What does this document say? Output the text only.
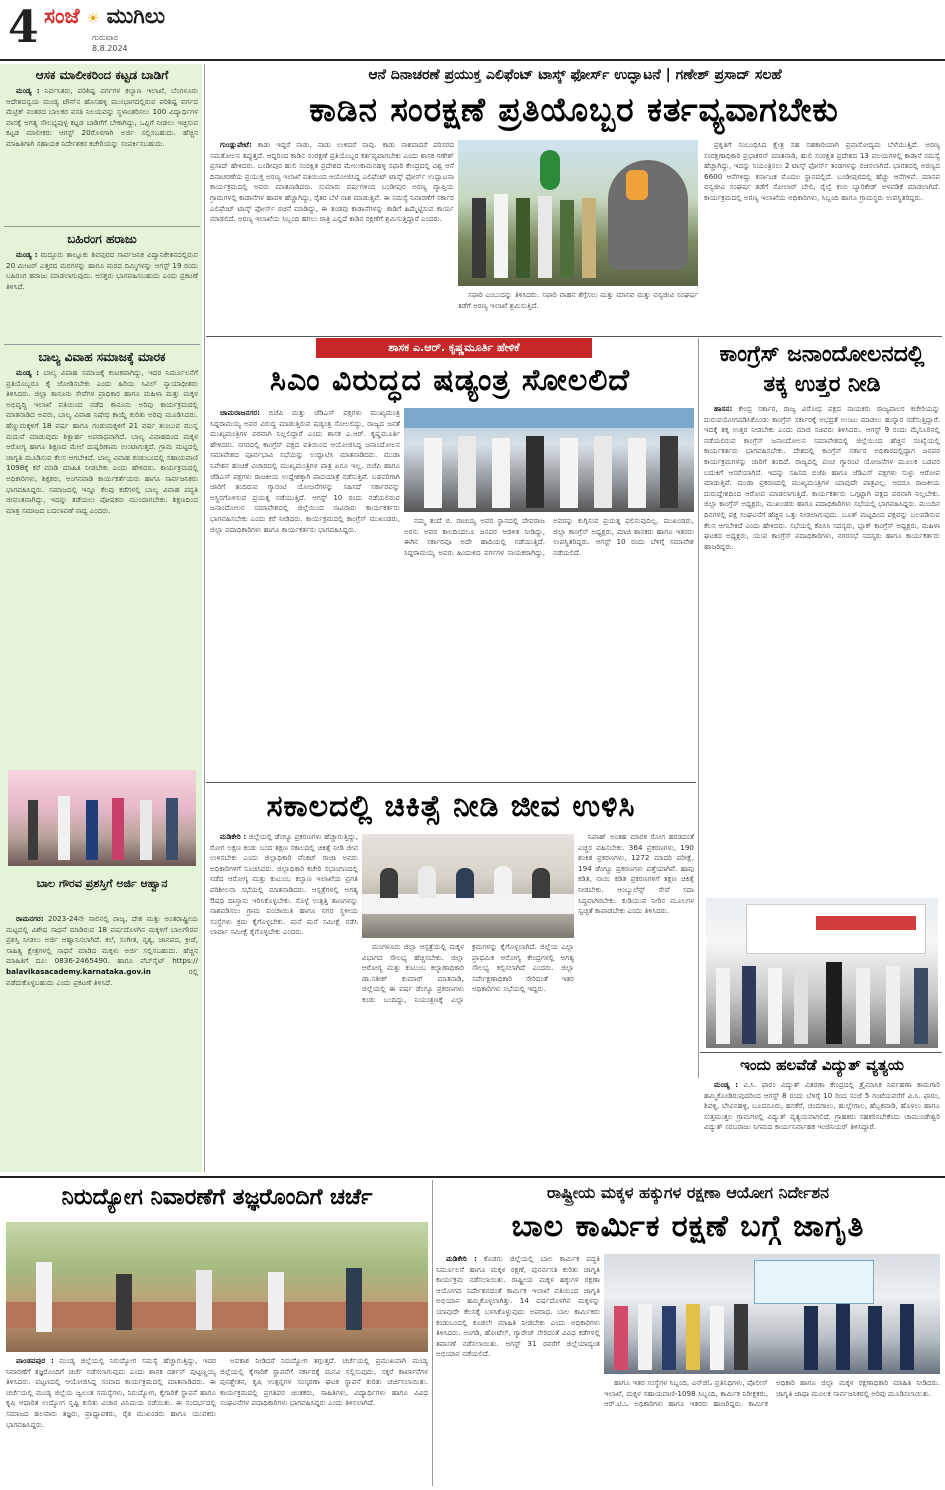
4 ಸಂಜೆ ☀ ಮುಗಿಲು
ಗುರುವಾರ
8.8.2024
ಆಸಕ ಮಾಲೀಕರಿಂದ ಕಟ್ಟಡ ಬಾಡಿಗೆ

ಮಂಡ್ಯ : ನಿರ್ವಸಿತರು, ಪರಿಶಿಷ್ಟ ವರ್ಗಗಳ ಕಲ್ಯಾಣ ಇಲಾಖೆ, ಬೆಂಗಳೂರು ಆದೇಶದನ್ವಯ ಮಂಡ್ಯ ಟೌನ್‌ನ ಹೊಸಹಳ್ಳಿ ಮುಂಭಾಗದಲ್ಲಿರುವ ಪರಿಶಿಷ್ಟ ವರ್ಗದ ಮೆಟ್ರಿಕ್ ನಂತರದ ಬಾಲಕರ ವಸತಿ ನಿಲಯವನ್ನು ಸ್ಥಳಾಂತರಿಸಲು 100 ವಿದ್ಯಾರ್ಥಿಗಳ ವಾಸಕ್ಕೆ ಅಗತ್ಯ ಸೌಲಭ್ಯವುಳ್ಳ ಕಟ್ಟಡ ಬಾಡಿಗೆಗೆ ಬೇಕಾಗಿದ್ದು, ಒಪ್ಪಿಗೆ ನೀಡಲು ಇಚ್ಛಿಸುವ ಕಟ್ಟಡ ಮಾಲೀಕರು ಆಗಸ್ಟ್ 20ರೊಳಗಾಗಿ ಅರ್ಜಿ ಸಲ್ಲಿಸಬಹುದು. ಹೆಚ್ಚಿನ ಮಾಹಿತಿಗಾಗಿ ಸಹಾಯಕ ನಿರ್ದೇಶಕರ ಕಚೇರಿಯನ್ನು ಸಂಪರ್ಕಿಸಬಹುದು.

ಬಹಿರಂಗ ಹರಾಜು

ಮಂಡ್ಯ : ಮದ್ದೂರು ತಾಲ್ಲೂಕು ಶಿವಪುರದ ಸಾರ್ವಜನಿಕ ವಿದ್ಯಾನಿಕೇತನದಲ್ಲಿರುವ 20 ಮೀಟರ್ ಎತ್ತರದ ಮರಗಳನ್ನು ಹಾಗೂ ಮರದ ದಿಮ್ಮಿಗಳನ್ನು ಆಗಸ್ಟ್ 19 ರಂದು ಬಹಿರಂಗ ಹರಾಜು ಮಾಡಲಾಗುವುದು. ಆಸಕ್ತರು ಭಾಗವಹಿಸಬಹುದು ಎಂದು ಪ್ರಕಟಣೆ ತಿಳಿಸಿದೆ.

ಬಾಲ್ಯ ವಿವಾಹ ಸಮಾಜಕ್ಕೆ ಮಾರಕ

ಮಂಡ್ಯ : ಬಾಲ್ಯ ವಿವಾಹ ಸಮಾಜಕ್ಕೆ ಕಂಟಕವಾಗಿದ್ದು, ಇದರ ನಿರ್ಮೂಲನೆಗೆ ಪ್ರತಿಯೊಬ್ಬರೂ ಕೈ ಜೋಡಿಸಬೇಕು ಎಂದು ಹಿರಿಯ ಸಿವಿಲ್ ನ್ಯಾಯಾಧೀಶರು ತಿಳಿಸಿದರು. ಜಿಲ್ಲಾ ಕಾನೂನು ಸೇವೆಗಳ ಪ್ರಾಧಿಕಾರ ಹಾಗೂ ಮಹಿಳಾ ಮತ್ತು ಮಕ್ಕಳ ಅಭಿವೃದ್ಧಿ ಇಲಾಖೆ ವತಿಯಿಂದ ನಡೆದ ಕಾನೂನು ಅರಿವು ಕಾರ್ಯಕ್ರಮದಲ್ಲಿ ಮಾತನಾಡಿದ ಅವರು, ಬಾಲ್ಯ ವಿವಾಹ ನಿಷೇಧ ಕಾಯ್ದೆ ಕುರಿತು ಅರಿವು ಮೂಡಿಸಿದರು. ಹೆಣ್ಣುಮಕ್ಕಳಿಗೆ 18 ವರ್ಷ ಹಾಗೂ ಗಂಡುಮಕ್ಕಳಿಗೆ 21 ವರ್ಷ ತುಂಬುವ ಮುನ್ನ ಮದುವೆ ಮಾಡುವುದು ಶಿಕ್ಷಾರ್ಹ ಅಪರಾಧವಾಗಿದೆ. ಬಾಲ್ಯ ವಿವಾಹದಿಂದ ಮಕ್ಕಳ ಆರೋಗ್ಯ ಹಾಗೂ ಶಿಕ್ಷಣದ ಮೇಲೆ ದುಷ್ಪರಿಣಾಮ ಉಂಟಾಗುತ್ತದೆ. ಗ್ರಾಮ ಮಟ್ಟದಲ್ಲಿ ಜಾಗೃತಿ ಮೂಡಿಸುವ ಕೆಲಸ ಆಗಬೇಕಿದೆ. ಬಾಲ್ಯ ವಿವಾಹ ಕಂಡುಬಂದಲ್ಲಿ ಸಹಾಯವಾಣಿ 1098ಕ್ಕೆ ಕರೆ ಮಾಡಿ ಮಾಹಿತಿ ನೀಡಬೇಕು ಎಂದು ಹೇಳಿದರು. ಕಾರ್ಯಕ್ರಮದಲ್ಲಿ ಅಧಿಕಾರಿಗಳು, ಶಿಕ್ಷಕರು, ಅಂಗನವಾಡಿ ಕಾರ್ಯಕರ್ತೆಯರು ಹಾಗೂ ಸಾರ್ವಜನಿಕರು ಭಾಗವಹಿಸಿದ್ದರು. ಸಮಾಜದಲ್ಲಿ ಇನ್ನೂ ಕೆಲವು ಕಡೆಗಳಲ್ಲಿ ಬಾಲ್ಯ ವಿವಾಹ ಪದ್ಧತಿ ಜೀವಂತವಾಗಿದ್ದು, ಇದನ್ನು ತಡೆಯಲು ಪೋಷಕರು ಮುಂದಾಗಬೇಕು. ಶಿಕ್ಷಣದಿಂದ ಮಾತ್ರ ಸಮಾಜದ ಬದಲಾವಣೆ ಸಾಧ್ಯ ಎಂದರು.

ಬಾಲ ಗೌರವ ಪ್ರಶಸ್ತಿಗೆ ಅರ್ಜಿ ಆಹ್ವಾನ

ರಾಮನಗರ: 2023-24ನೇ ಸಾಲಿನಲ್ಲಿ ರಾಜ್ಯ, ದೇಶ ಮತ್ತು ಅಂತರಾಷ್ಟ್ರೀಯ ಮಟ್ಟದಲ್ಲಿ ವಿಶೇಷ ಸಾಧನೆ ಮಾಡಿರುವ 18 ವರ್ಷದೊಳಗಿನ ಮಕ್ಕಳಿಗೆ ಬಾಲಗೌರವ ಪ್ರಶಸ್ತಿ ನೀಡಲು ಅರ್ಜಿ ಆಹ್ವಾನಿಸಲಾಗಿದೆ. ಕಲೆ, ಸಂಗೀತ, ನೃತ್ಯ, ಜಾನಪದ, ಕ್ರೀಡೆ, ಸಾಹಿತ್ಯ ಕ್ಷೇತ್ರಗಳಲ್ಲಿ ಸಾಧನೆ ಮಾಡಿದ ಮಕ್ಕಳು ಅರ್ಜಿ ಸಲ್ಲಿಸಬಹುದು. ಹೆಚ್ಚಿನ ಮಾಹಿತಿಗೆ ದೂ: 0836-2465490. ಹಾಗೂ ವೆಬ್‌ಸೈಟ್ https:// balavikasacademy.karnataka.gov.in	ರಲ್ಲಿ ಪಡೆದುಕೊಳ್ಳಬಹುದು ಎಂದು ಪ್ರಕಟಣೆ ತಿಳಿಸಿದೆ.

ಆನೆ ದಿನಾಚರಣೆ ಪ್ರಯುಕ್ತ ಎಲಿಫೆಂಟ್ ಟಾಸ್ಕ್ ಫೋರ್ಸ್ ಉದ್ಘಾಟನೆ | ಗಣೇಶ್ ಪ್ರಸಾದ್ ಸಲಹೆ
ಕಾಡಿನ ಸಂರಕ್ಷಣೆ ಪ್ರತಿಯೊಬ್ಬರ ಕರ್ತವ್ಯವಾಗಬೇಕು

ಗುಂಡ್ಲುಪೇಟೆ: ಕಾಡು ಇದ್ದರೆ ನಾಡು, ನಾಡು ಉಳಿದರೆ ನಾವು. ಕಾಡು ನಾಶವಾದರೆ ಪರಿಸರದ ಸಮತೋಲನ ತಪ್ಪುತ್ತದೆ. ಆದ್ದರಿಂದ ಕಾಡಿನ ಸಂರಕ್ಷಣೆ ಪ್ರತಿಯೊಬ್ಬರ ಕರ್ತವ್ಯವಾಗಬೇಕು ಎಂದು ಶಾಸಕ ಗಣೇಶ್ ಪ್ರಸಾದ್ ಹೇಳಿದರು. ಬಂಡೀಪುರ ಹುಲಿ ಸಂರಕ್ಷಿತ ಪ್ರದೇಶದ ಮೇಲುಕಾಮನಹಳ್ಳಿ ಸಫಾರಿ ಕೇಂದ್ರದಲ್ಲಿ ವಿಶ್ವ ಆನೆ ದಿನಾಚರಣೆಯ ಪ್ರಯುಕ್ತ ಅರಣ್ಯ ಇಲಾಖೆ ವತಿಯಿಂದ ಆಯೋಜಿಸಿದ್ದ ಎಲಿಫೆಂಟ್ ಟಾಸ್ಕ್ ಫೋರ್ಸ್ ಉದ್ಘಾಟನಾ ಕಾರ್ಯಕ್ರಮದಲ್ಲಿ ಅವರು ಮಾತನಾಡಿದರು. ಸುಮಾರು ವರ್ಷಗಳಿಂದ ಬಂಡೀಪುರ ಅರಣ್ಯ ವ್ಯಾಪ್ತಿಯ ಗ್ರಾಮಗಳಲ್ಲಿ ಕಾಡಾನೆಗಳ ಹಾವಳಿ ಹೆಚ್ಚಾಗಿದ್ದು, ರೈತರ ಬೆಳೆ ನಾಶ ಮಾಡುತ್ತಿವೆ. ಈ ಸಮಸ್ಯೆ ನಿವಾರಣೆಗೆ ಸರ್ಕಾರ ಎಲಿಫೆಂಟ್ ಟಾಸ್ಕ್ ಫೋರ್ಸ್ ರಚನೆ ಮಾಡಿದ್ದು, ಈ ತಂಡವು ಕಾಡಾನೆಗಳನ್ನು ಕಾಡಿಗೆ ಹಿಮ್ಮೆಟ್ಟಿಸುವ ಕಾರ್ಯ ಮಾಡಲಿದೆ. ಅರಣ್ಯ ಇಲಾಖೆಯ ಸಿಬ್ಬಂದಿ ಹಗಲು ರಾತ್ರಿ ಎನ್ನದೆ ಕಾಡಿನ ರಕ್ಷಣೆಗೆ ಶ್ರಮಿಸುತ್ತಿದ್ದಾರೆ ಎಂದರು.

ಸಫಾರಿ ಎಂಬುದನ್ನು ತಿಳಿಸಿದರು. ಸಫಾರಿ ವಾಹನ ತೆಗ್ಗೆಸಲು ಮತ್ತು ಮಾನವ ಮತ್ತು ವನ್ಯಜೀವಿ ಸಂಘರ್ಷ ತಡೆಗೆ ಅರಣ್ಯ ಇಲಾಖೆ ಶ್ರಮಿಸುತ್ತಿದೆ.

ಪ್ರಕೃತಿಗೆ ಸಂಬಂಧಿಸಿದ ಕ್ಷೇತ್ರ ಸಹ ಸಹಕಾರಿಯಾಗಿ ಪ್ರವಾಸೋದ್ಯಮ ಬೆಳೆಯುತ್ತಿದೆ. ಅರಣ್ಯ ಸಂರಕ್ಷಣಾಧಿಕಾರಿ ಪ್ರಭಾಕರನ್ ಮಾತನಾಡಿ, ಹುಲಿ ಸಂರಕ್ಷಿತ ಪ್ರದೇಶದ 13 ವಲಯಗಳಲ್ಲಿ ಕಾಡಾನೆ ಸಮಸ್ಯೆ ಹೆಚ್ಚಾಗಿದ್ದು, ಇದನ್ನು ನಿಯಂತ್ರಿಸಲು 2 ಟಾಸ್ಕ್ ಫೋರ್ಸ್ ತಂಡಗಳನ್ನು ರಚಿಸಲಾಗಿದೆ. ಭಾರತದಲ್ಲಿ ಅರಣ್ಯದ 6600 ಆನೆಗಳಿದ್ದು ಕರ್ನಾಟಕ ಮೊದಲ ಸ್ಥಾನದಲ್ಲಿದೆ. ಬಂಡೀಪುರದಲ್ಲಿ ಹೆಚ್ಚು ಆನೆಗಳಿವೆ. ಮಾನವ ವನ್ಯಜೀವಿ ಸಂಘರ್ಷ ತಡೆಗೆ ಸೋಲಾರ್ ಬೇಲಿ, ರೈಲ್ವೆ ಕಂಬಿ ಬ್ಯಾರಿಕೇಡ್ ಅಳವಡಿಕೆ ಮಾಡಲಾಗಿದೆ. ಕಾರ್ಯಕ್ರಮದಲ್ಲಿ ಅರಣ್ಯ ಇಲಾಖೆಯ ಅಧಿಕಾರಿಗಳು, ಸಿಬ್ಬಂದಿ ಹಾಗೂ ಗ್ರಾಮಸ್ಥರು ಉಪಸ್ಥಿತರಿದ್ದರು.

ಶಾಸಕ ಎ.ಆರ್. ಕೃಷ್ಣಮೂರ್ತಿ ಹೇಳಿಕೆ
ಸಿಎಂ ವಿರುದ್ಧದ ಷಡ್ಯಂತ್ರ ಸೋಲಲಿದೆ

ಚಾಮರಾಜನಗರ: ಬಿಜೆಪಿ ಮತ್ತು ಜೆಡಿಎಸ್ ಪಕ್ಷಗಳು ಮುಖ್ಯಮಂತ್ರಿ ಸಿದ್ದರಾಮಯ್ಯ ಅವರ ವಿರುದ್ಧ ಮಾಡುತ್ತಿರುವ ಷಡ್ಯಂತ್ರ ಸೋಲಲಿದ್ದು, ರಾಜ್ಯದ ಜನತೆ ಮುಖ್ಯಮಂತ್ರಿಗಳ ಪರವಾಗಿ ನಿಲ್ಲಲಿದ್ದಾರೆ ಎಂದು ಶಾಸಕ ಎ.ಆರ್. ಕೃಷ್ಣಮೂರ್ತಿ ಹೇಳಿದರು. ನಗರದಲ್ಲಿ ಕಾಂಗ್ರೆಸ್ ಪಕ್ಷದ ವತಿಯಿಂದ ಆಯೋಜಿಸಿದ್ದ ಜನಾಂದೋಲನ ಸಮಾವೇಶದ ಪೂರ್ವಭಾವಿ ಸಭೆಯನ್ನು ಉದ್ಘಾಟಿಸಿ ಮಾತನಾಡಿದರು. ಮುಡಾ ನಿವೇಶನ ಹಂಚಿಕೆ ವಿಚಾರದಲ್ಲಿ ಮುಖ್ಯಮಂತ್ರಿಗಳ ಪಾತ್ರ ಏನೂ ಇಲ್ಲ. ಬಿಜೆಪಿ ಹಾಗೂ ಜೆಡಿಎಸ್ ಪಕ್ಷಗಳು ರಾಜಕೀಯ ಉದ್ದೇಶಕ್ಕಾಗಿ ಪಾದಯಾತ್ರೆ ನಡೆಸುತ್ತಿವೆ. ಬಡವರಿಗಾಗಿ ಜಾರಿಗೆ ತಂದಿರುವ ಗ್ಯಾರಂಟಿ ಯೋಜನೆಗಳನ್ನು ಸಹಿಸದೆ ಸರ್ಕಾರವನ್ನು ಅಸ್ಥಿರಗೊಳಿಸುವ ಪ್ರಯತ್ನ ನಡೆಯುತ್ತಿದೆ. ಆಗಸ್ಟ್ 10 ರಂದು ನಡೆಯಲಿರುವ ಜನಾಂದೋಲನ ಸಮಾವೇಶದಲ್ಲಿ ಜಿಲ್ಲೆಯಿಂದ ಸಾವಿರಾರು ಕಾರ್ಯಕರ್ತರು ಭಾಗವಹಿಸಬೇಕು ಎಂದು ಕರೆ ನೀಡಿದರು. ಕಾರ್ಯಕ್ರಮದಲ್ಲಿ ಕಾಂಗ್ರೆಸ್ ಮುಖಂಡರು, ಜಿಲ್ಲಾ ಪದಾಧಿಕಾರಿಗಳು ಹಾಗೂ ಕಾರ್ಯಕರ್ತರು ಭಾಗವಹಿಸಿದ್ದರು.

ನಮ್ಮ ತಂದೆ ಬಿ. ರಾಚಯ್ಯ ಅವರ ಸ್ಥಾನದಲ್ಲಿ ದೇವರಾಜ ಅರಸು ಅವರ ಕಾಲದಿಂದಲೂ ಜನಪರ ಆಡಳಿತ ನೀಡಿದ್ದು, ಈಗಿನ ಸರ್ಕಾರವೂ ಅದೇ ಹಾದಿಯಲ್ಲಿ ನಡೆಯುತ್ತಿದೆ. ಸಿದ್ದರಾಮಯ್ಯ ಅವರು ಹಿಂದುಳಿದ ವರ್ಗಗಳ ನಾಯಕರಾಗಿದ್ದು, ಅವರನ್ನು ಕುಗ್ಗಿಸುವ ಪ್ರಯತ್ನ ಫಲಿಸುವುದಿಲ್ಲ. ಮುಖಂಡರು, ಜಿಲ್ಲಾ ಕಾಂಗ್ರೆಸ್ ಅಧ್ಯಕ್ಷರು, ಮಾಜಿ ಶಾಸಕರು ಹಾಗೂ ಇತರರು ಉಪಸ್ಥಿತರಿದ್ದರು. ಆಗಸ್ಟ್ 10 ರಂದು ಬೆಳಿಗ್ಗೆ ಸಮಾವೇಶ ನಡೆಯಲಿದೆ.

ಕಾಂಗ್ರೆಸ್ ಜನಾಂದೋಲನದಲ್ಲಿ ತಕ್ಕ ಉತ್ತರ ನೀಡಿ

ಹಾಸನ: ಕೇಂದ್ರ ಸರ್ಕಾರ, ರಾಜ್ಯ ವಿರೋಧ ಪಕ್ಷದ ನಾಯಕರು ರಾಜ್ಯಪಾಲರ ಕಚೇರಿಯನ್ನು ದುರುಪಯೋಗಪಡಿಸಿಕೊಂಡು ಕಾಂಗ್ರೆಸ್ ಸರ್ಕಾರಕ್ಕೆ ಅಭದ್ರತೆ ಉಂಟು ಮಾಡಲು ಹುನ್ನಾರ ನಡೆಸುತ್ತಿದ್ದಾರೆ. ಇದಕ್ಕೆ ತಕ್ಕ ಉತ್ತರ ನೀಡಬೇಕು ಎಂದು ಮಾಜಿ ಸಚಿವರು ತಿಳಿಸಿದರು. ಆಗಸ್ಟ್ 9 ರಂದು ಮೈಸೂರಿನಲ್ಲಿ ನಡೆಯಲಿರುವ ಕಾಂಗ್ರೆಸ್ ಜನಾಂದೋಲನ ಸಮಾವೇಶದಲ್ಲಿ ಜಿಲ್ಲೆಯಿಂದ ಹೆಚ್ಚಿನ ಸಂಖ್ಯೆಯಲ್ಲಿ ಕಾರ್ಯಕರ್ತರು ಭಾಗವಹಿಸಬೇಕು. ದೇಶದಲ್ಲಿ ಕಾಂಗ್ರೆಸ್ ಸರ್ಕಾರ ಅಧಿಕಾರದಲ್ಲಿದ್ದಾಗ ಜನಪರ ಕಾರ್ಯಕ್ರಮಗಳನ್ನು ಜಾರಿಗೆ ತಂದಿದೆ. ರಾಜ್ಯದಲ್ಲಿ ಪಂಚ ಗ್ಯಾರಂಟಿ ಯೋಜನೆಗಳ ಮೂಲಕ ಬಡವರ ಬದುಕಿಗೆ ಆಸರೆಯಾಗಿದೆ. ಇದನ್ನು ಸಹಿಸದ ಬಿಜೆಪಿ ಹಾಗೂ ಜೆಡಿಎಸ್ ಪಕ್ಷಗಳು ಸುಳ್ಳು ಆರೋಪ ಮಾಡುತ್ತಿವೆ. ಮುಡಾ ಪ್ರಕರಣದಲ್ಲಿ ಮುಖ್ಯಮಂತ್ರಿಗಳ ಯಾವುದೇ ಪಾತ್ರವಿಲ್ಲ. ಆದರೂ ರಾಜಕೀಯ ದುರುದ್ದೇಶದಿಂದ ಆರೋಪ ಮಾಡಲಾಗುತ್ತಿದೆ. ಕಾರ್ಯಕರ್ತರು ಒಗ್ಗಟ್ಟಾಗಿ ಪಕ್ಷದ ಪರವಾಗಿ ನಿಲ್ಲಬೇಕು. ಜಿಲ್ಲಾ ಕಾಂಗ್ರೆಸ್ ಅಧ್ಯಕ್ಷರು, ಮುಖಂಡರು ಹಾಗೂ ಪದಾಧಿಕಾರಿಗಳು ಸಭೆಯಲ್ಲಿ ಭಾಗವಹಿಸಿದ್ದರು. ಮುಂದಿನ ದಿನಗಳಲ್ಲಿ ಪಕ್ಷ ಸಂಘಟನೆಗೆ ಹೆಚ್ಚಿನ ಒತ್ತು ನೀಡಲಾಗುವುದು. ಬೂತ್ ಮಟ್ಟದಿಂದ ಪಕ್ಷವನ್ನು ಬಲಪಡಿಸುವ ಕೆಲಸ ಆಗಬೇಕಿದೆ ಎಂದು ಹೇಳಿದರು. ಸಭೆಯಲ್ಲಿ ಕೆಪಿಸಿಸಿ ಸದಸ್ಯರು, ಬ್ಲಾಕ್ ಕಾಂಗ್ರೆಸ್ ಅಧ್ಯಕ್ಷರು, ಮಹಿಳಾ ಘಟಕದ ಅಧ್ಯಕ್ಷರು, ಯುವ ಕಾಂಗ್ರೆಸ್ ಪದಾಧಿಕಾರಿಗಳು, ನಗರಸಭೆ ಸದಸ್ಯರು ಹಾಗೂ ಕಾರ್ಯಕರ್ತರು ಹಾಜರಿದ್ದರು.

ಸಕಾಲದಲ್ಲಿ ಚಿಕಿತ್ಸೆ ನೀಡಿ ಜೀವ ಉಳಿಸಿ

ಮಡಿಕೇರಿ : ಜಿಲ್ಲೆಯಲ್ಲಿ ಡೆಂಗ್ಯೂ ಪ್ರಕರಣಗಳು ಹೆಚ್ಚಾಗುತ್ತಿದ್ದು, ರೋಗ ಲಕ್ಷಣ ಕಂಡು ಬಂದ ತಕ್ಷಣ ಸಕಾಲದಲ್ಲಿ ಚಿಕಿತ್ಸೆ ನೀಡಿ ಜೀವ ಉಳಿಸಬೇಕು ಎಂದು ಜಿಲ್ಲಾಧಿಕಾರಿ ವೆಂಕಟ್ ರಾಜಾ ಅವರು ಅಧಿಕಾರಿಗಳಿಗೆ ಸೂಚಿಸಿದರು. ಜಿಲ್ಲಾಧಿಕಾರಿ ಕಚೇರಿ ಸಭಾಂಗಣದಲ್ಲಿ ನಡೆದ ಆರೋಗ್ಯ ಮತ್ತು ಕುಟುಂಬ ಕಲ್ಯಾಣ ಇಲಾಖೆಯ ಪ್ರಗತಿ ಪರಿಶೀಲನಾ ಸಭೆಯಲ್ಲಿ ಮಾತನಾಡಿದರು. ಆಸ್ಪತ್ರೆಗಳಲ್ಲಿ ಅಗತ್ಯ ಔಷಧಿ ದಾಸ್ತಾನು ಇರಿಸಿಕೊಳ್ಳಬೇಕು. ಸೊಳ್ಳೆ ಉತ್ಪತ್ತಿ ತಾಣಗಳನ್ನು ನಾಶಪಡಿಸಲು ಗ್ರಾಮ ಪಂಚಾಯಿತಿ ಹಾಗೂ ನಗರ ಸ್ಥಳೀಯ ಸಂಸ್ಥೆಗಳು ಕ್ರಮ ಕೈಗೊಳ್ಳಬೇಕು. ಮನೆ ಮನೆ ಸಮೀಕ್ಷೆ ನಡೆಸಿ ಲಾರ್ವಾ ಸಮೀಕ್ಷೆ ಕೈಗೊಳ್ಳಬೇಕು ಎಂದರು.

ಮಂಗಳೂರು ಜಿಲ್ಲಾ ಆಸ್ಪತ್ರೆಯಲ್ಲಿ ಮಕ್ಕಳ ವಿಭಾಗದ ಸೌಲಭ್ಯ ಹೆಚ್ಚಿಸಬೇಕು. ಜಿಲ್ಲಾ ಆರೋಗ್ಯ ಮತ್ತು ಕುಟುಂಬ ಕಲ್ಯಾಣಾಧಿಕಾರಿ ಡಾ.ಸತೀಶ್ ಕುಮಾರ್ ಮಾತನಾಡಿ, ಜಿಲ್ಲೆಯಲ್ಲಿ ಈ ವರ್ಷ ಡೆಂಗ್ಯೂ ಪ್ರಕರಣಗಳು ಕಂಡು ಬಂದಿದ್ದು, ನಿಯಂತ್ರಣಕ್ಕೆ ಎಲ್ಲಾ ಕ್ರಮಗಳನ್ನು ಕೈಗೊಳ್ಳಲಾಗಿದೆ. ಜಿಲ್ಲೆಯ ಎಲ್ಲಾ ಪ್ರಾಥಮಿಕ ಆರೋಗ್ಯ ಕೇಂದ್ರಗಳಲ್ಲಿ ಅಗತ್ಯ ಸೌಲಭ್ಯ ಕಲ್ಪಿಸಲಾಗಿದೆ ಎಂದರು. ಜಿಲ್ಲಾ ಸರ್ವೇಕ್ಷಣಾಧಿಕಾರಿ ಸೇರಿದಂತೆ ಇತರ ಅಧಿಕಾರಿಗಳು ಸಭೆಯಲ್ಲಿ ಇದ್ದರು.

ನಿಪಾಹ್ ಅಂತಹ ಮಾರಕ ರೋಗ ಹರಡದಂತೆ ಎಚ್ಚರ ವಹಿಸಬೇಕು. 364 ಪ್ರಕರಣಗಳು, 190 ಶಂಕಿತ ಪ್ರಕರಣಗಳು, 1272 ಮಾದರಿ ಪರೀಕ್ಷೆ, 194 ಡೆಂಗ್ಯೂ ಪ್ರಕರಣಗಳು ಪತ್ತೆಯಾಗಿವೆ. ಹಾವು ಕಡಿತ, ನಾಯಿ ಕಡಿತ ಪ್ರಕರಣಗಳಿಗೆ ತಕ್ಷಣ ಚಿಕಿತ್ಸೆ ನೀಡಬೇಕು. ಆಂಬ್ಯುಲೆನ್ಸ್ ಸೇವೆ ಸದಾ ಸಿದ್ಧವಾಗಿರಬೇಕು. ಕುಡಿಯುವ ನೀರಿನ ಮೂಲಗಳ ಸ್ವಚ್ಛತೆ ಕಾಪಾಡಬೇಕು ಎಂದು ತಿಳಿಸಿದರು.

ಇಂದು ಹಲವೆಡೆ ವಿದ್ಯುತ್ ವ್ಯತ್ಯಯ

ಮಂಡ್ಯ : ವಿ.ಸಿ. ಫಾರಂ ವಿದ್ಯುತ್ ವಿತರಣಾ ಕೇಂದ್ರದಲ್ಲಿ ತ್ರೈಮಾಸಿಕ ನಿರ್ವಹಣಾ ಕಾಮಗಾರಿ ಹಮ್ಮಿಕೊಂಡಿರುವುದರಿಂದ ಆಗಸ್ಟ್ 8 ರಂದು ಬೆಳಿಗ್ಗೆ 10 ರಿಂದ ಸಂಜೆ 5 ಗಂಟೆಯವರೆಗೆ ವಿ.ಸಿ. ಫಾರಂ, ಶಿವಳ್ಳಿ, ಬೇವಿನಹಳ್ಳಿ, ಬೂದನೂರು, ಹನಕೆರೆ, ಚಂದಗಾಲು, ಹುಲ್ಲೇಗಾಲ, ಹೆಬ್ಬಕವಾಡಿ, ಹೊಳಲು ಹಾಗೂ ಸುತ್ತಮುತ್ತಲ ಗ್ರಾಮಗಳಲ್ಲಿ ವಿದ್ಯುತ್ ವ್ಯತ್ಯಯವಾಗಲಿದೆ. ಗ್ರಾಹಕರು ಸಹಕರಿಸಬೇಕೆಂದು ಚಾಮುಂಡೇಶ್ವರಿ ವಿದ್ಯುತ್ ಸರಬರಾಜು ನಿಗಮದ ಕಾರ್ಯನಿರ್ವಾಹಕ ಇಂಜಿನಿಯರ್ ತಿಳಿಸಿದ್ದಾರೆ.

ನಿರುದ್ಯೋಗ ನಿವಾರಣೆಗೆ ತಜ್ಞರೊಂದಿಗೆ ಚರ್ಚೆ

ಪಾಂಡವಪುರ : ಮಂಡ್ಯ ಜಿಲ್ಲೆಯಲ್ಲಿ ನಿರುದ್ಯೋಗ ಸಮಸ್ಯೆ ಹೆಚ್ಚಾಗುತ್ತಿದ್ದು, ಇದರ ನಿವಾರಣೆಗೆ ತಜ್ಞರೊಂದಿಗೆ ಚರ್ಚೆ ನಡೆಸಲಾಗುವುದು ಎಂದು ಶಾಸಕ ದರ್ಶನ್ ಪುಟ್ಟಣ್ಣಯ್ಯ ತಿಳಿಸಿದರು. ಪಟ್ಟಣದಲ್ಲಿ ಆಯೋಜಿಸಿದ್ದ ಸಂವಾದ ಕಾರ್ಯಕ್ರಮದಲ್ಲಿ ಮಾತನಾಡಿದರು. ಈ ಚರ್ಚೆಯಲ್ಲಿ ಮಂಡ್ಯ ಜಿಲ್ಲೆಯ ಜ್ವಲಂತ ಸಮಸ್ಯೆಗಳು, ನಿರುದ್ಯೋಗ, ಕೈಗಾರಿಕೆ ಸ್ಥಾಪನೆ ಹಾಗೂ ಕೃಷಿ ಆಧಾರಿತ ಉದ್ಯೋಗ ಸೃಷ್ಟಿ ಕುರಿತು ವಿಚಾರ ವಿನಿಮಯ ನಡೆಯಿತು. ಈ ಸಂದರ್ಭದಲ್ಲಿ ಸಮಾಜದ ಹಲವಾರು ತಜ್ಞರು, ಪ್ರಾಧ್ಯಾಪಕರು, ರೈತ ಮುಖಂಡರು ಹಾಗೂ ಯುವಕರು ಭಾಗವಹಿಸಿದ್ದರು.

ಅವಕಾಶ ನೀಡಿದರೆ ನಿರುದ್ಯೋಗ ತಗ್ಗುತ್ತದೆ. ಚರ್ಚೆಯಲ್ಲಿ ಪ್ರಮುಖವಾಗಿ ಮಂಡ್ಯ ಜಿಲ್ಲೆಯಲ್ಲಿ ಕೈಗಾರಿಕೆ ಸ್ಥಾಪನೆಗೆ ಸರ್ಕಾರಕ್ಕೆ ಮನವಿ ಸಲ್ಲಿಸುವುದು, ಸಕ್ಕರೆ ಕಾರ್ಖಾನೆಗಳ ಪುನಶ್ಚೇತನ, ಕೃಷಿ ಉತ್ಪನ್ನಗಳ ಸಂಸ್ಕರಣಾ ಘಟಕ ಸ್ಥಾಪನೆ ಕುರಿತು ಚರ್ಚಿಸಲಾಯಿತು. ಕಾರ್ಯಕ್ರಮದಲ್ಲಿ ಪ್ರಗತಿಪರ ಚಿಂತಕರು, ಸಾಹಿತಿಗಳು, ವಿದ್ಯಾರ್ಥಿಗಳು ಹಾಗೂ ವಿವಿಧ ಸಂಘಟನೆಗಳ ಪದಾಧಿಕಾರಿಗಳು ಭಾಗವಹಿಸಿದ್ದರು ಎಂದು ತಿಳಿಸಲಾಗಿದೆ.

ರಾಷ್ಟ್ರೀಯ ಮಕ್ಕಳ ಹಕ್ಕುಗಳ ರಕ್ಷಣಾ ಆಯೋಗ ನಿರ್ದೇಶನ
ಬಾಲ ಕಾರ್ಮಿಕ ರಕ್ಷಣೆ ಬಗ್ಗೆ ಜಾಗೃತಿ

ಮಡಿಕೇರಿ : ಕೊಡಗು ಜಿಲ್ಲೆಯಲ್ಲಿ ಬಾಲ ಕಾರ್ಮಿಕ ಪದ್ಧತಿ ನಿರ್ಮೂಲನೆ ಹಾಗೂ ಮಕ್ಕಳ ರಕ್ಷಣೆ, ಪುನರ್ವಸತಿ ಕುರಿತು ಜಾಗೃತಿ ಕಾರ್ಯಕ್ರಮ ನಡೆಸಲಾಯಿತು. ರಾಷ್ಟ್ರೀಯ ಮಕ್ಕಳ ಹಕ್ಕುಗಳ ರಕ್ಷಣಾ ಆಯೋಗದ ನಿರ್ದೇಶನದಂತೆ ಕಾರ್ಮಿಕ ಇಲಾಖೆ ವತಿಯಿಂದ ಜಾಗೃತಿ ಅಭಿಯಾನ ಹಮ್ಮಿಕೊಳ್ಳಲಾಗಿತ್ತು. 14 ವರ್ಷದೊಳಗಿನ ಮಕ್ಕಳನ್ನು ಯಾವುದೇ ಕೆಲಸಕ್ಕೆ ಬಳಸಿಕೊಳ್ಳುವುದು ಅಪರಾಧ. ಬಾಲ ಕಾರ್ಮಿಕರು ಕಂಡುಬಂದಲ್ಲಿ ಕೂಡಲೇ ಮಾಹಿತಿ ನೀಡಬೇಕು ಎಂದು ಅಧಿಕಾರಿಗಳು ತಿಳಿಸಿದರು. ಅಂಗಡಿ, ಹೋಟೆಲ್, ಗ್ಯಾರೇಜ್ ಸೇರಿದಂತೆ ವಿವಿಧ ಕಡೆಗಳಲ್ಲಿ ತಪಾಸಣೆ ನಡೆಸಲಾಯಿತು. ಆಗಸ್ಟ್ 31 ರವರೆಗೆ ಜಿಲ್ಲೆಯಾದ್ಯಂತ ಅಭಿಯಾನ ನಡೆಯಲಿದೆ.

ಹಾಗೂ ಇತರ ಸಂಸ್ಥೆಗಳ ಸಿಬ್ಬಂದಿ, ಎನ್‌ಜಿಓ ಪ್ರತಿನಿಧಿಗಳು, ಪೊಲೀಸ್ ಇಲಾಖೆ, ಮಕ್ಕಳ ಸಹಾಯವಾಣಿ-1098 ಸಿಬ್ಬಂದಿ, ಕಾರ್ಮಿಕ ನಿರೀಕ್ಷಕರು, ಆರ್.ಟಿ.ಒ ಅಧಿಕಾರಿಗಳು ಹಾಗೂ ಇತರರು ಹಾಜರಿದ್ದರು. ಕಾರ್ಮಿಕ ಅಧಿಕಾರಿ ಹಾಗೂ ಜಿಲ್ಲಾ ಮಕ್ಕಳ ರಕ್ಷಣಾಧಿಕಾರಿ ಮಾಹಿತಿ ನೀಡಿದರು. ಜಾಗೃತಿ ಜಾಥಾ ಮೂಲಕ ಸಾರ್ವಜನಿಕರಲ್ಲಿ ಅರಿವು ಮೂಡಿಸಲಾಯಿತು.
